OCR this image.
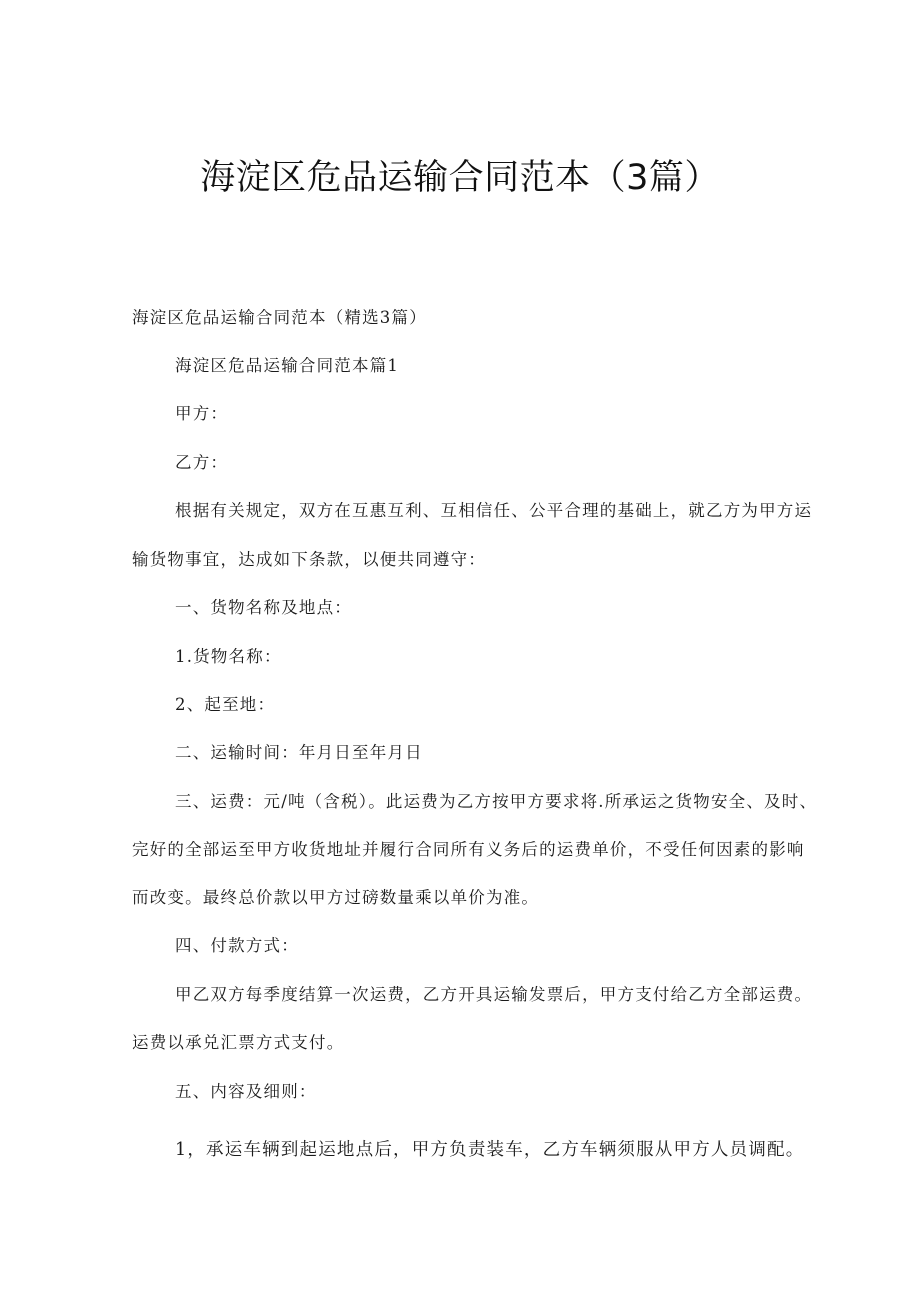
海淀区危品运输合同范本（3篇）

海淀区危品运输合同范本（精选3篇）

海淀区危品运输合同范本篇1

甲方：

乙方：

根据有关规定，双方在互惠互利、互相信任、公平合理的基础上，就乙方为甲方运

输货物事宜，达成如下条款，以便共同遵守：

一、货物名称及地点：

1.货物名称：

2、起至地：

二、运输时间：年月日至年月日

三、运费：元/吨（含税）。此运费为乙方按甲方要求将.所承运之货物安全、及时、

完好的全部运至甲方收货地址并履行合同所有义务后的运费单价，不受任何因素的影响

而改变。最终总价款以甲方过磅数量乘以单价为准。

四、付款方式：

甲乙双方每季度结算一次运费，乙方开具运输发票后，甲方支付给乙方全部运费。

运费以承兑汇票方式支付。

五、内容及细则：

1，承运车辆到起运地点后，甲方负责装车，乙方车辆须服从甲方人员调配。
